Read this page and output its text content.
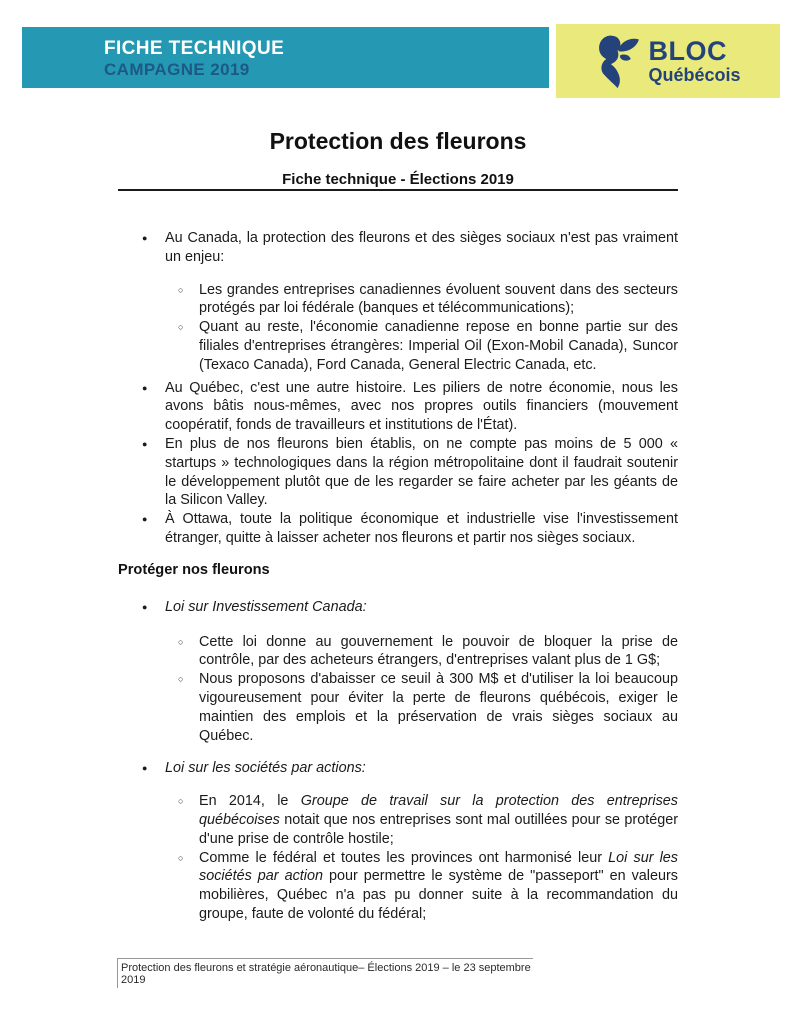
FICHE TECHNIQUE
CAMPAGNE 2019
BLOC
Québécois
Protection des fleurons
Fiche technique - Élections 2019
●	Au Canada, la protection des fleurons et des sièges sociaux n'est pas vraiment un enjeu:
○	Les grandes entreprises canadiennes évoluent souvent dans des secteurs protégés par loi fédérale (banques et télécommunications);
○	Quant au reste, l'économie canadienne repose en bonne partie sur des filiales d'entreprises étrangères: Imperial Oil (Exon-Mobil Canada), Suncor (Texaco Canada), Ford Canada, General Electric Canada, etc.
●	Au Québec, c'est une autre histoire. Les piliers de notre économie, nous les avons bâtis nous-mêmes, avec nos propres outils financiers (mouvement coopératif, fonds de travailleurs et institutions de l'État).
●	En plus de nos fleurons bien établis, on ne compte pas moins de 5 000 « startups » technologiques dans la région métropolitaine dont il faudrait soutenir le développement plutôt que de les regarder se faire acheter par les géants de la Silicon Valley.
●	À Ottawa, toute la politique économique et industrielle vise l'investissement étranger, quitte à laisser acheter nos fleurons et partir nos sièges sociaux.
Protéger nos fleurons
●	Loi sur Investissement Canada:
○	Cette loi donne au gouvernement le pouvoir de bloquer la prise de contrôle, par des acheteurs étrangers, d'entreprises valant plus de 1 G$;
○	Nous proposons d'abaisser ce seuil à 300 M$ et d'utiliser la loi beaucoup vigoureusement pour éviter la perte de fleurons québécois, exiger le maintien des emplois et la préservation de vrais sièges sociaux au Québec.
●	Loi sur les sociétés par actions:
○	En 2014, le Groupe de travail sur la protection des entreprises québécoises notait que nos entreprises sont mal outillées pour se protéger d'une prise de contrôle hostile;
○	Comme le fédéral et toutes les provinces ont harmonisé leur Loi sur les sociétés par action pour permettre le système de "passeport" en valeurs mobilières, Québec n'a pas pu donner suite à la recommandation du groupe, faute de volonté du fédéral;
Protection des fleurons et stratégie aéronautique– Élections 2019 – le 23 septembre 2019
